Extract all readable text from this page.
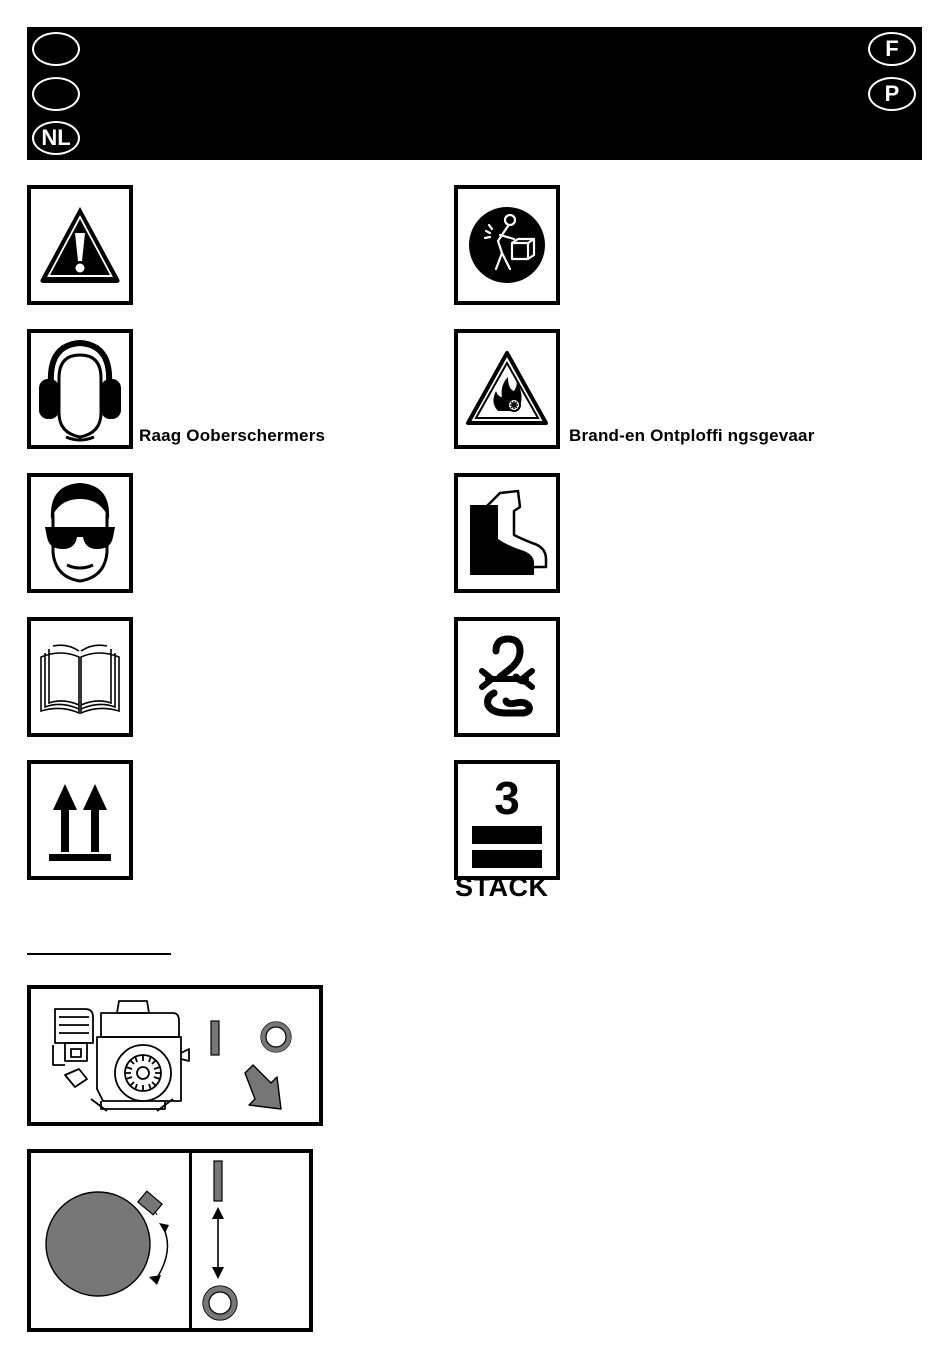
NL
F
P
Raag Ooberschermers	Brand-en Ontploffi ngsgevaar
3
STACK
